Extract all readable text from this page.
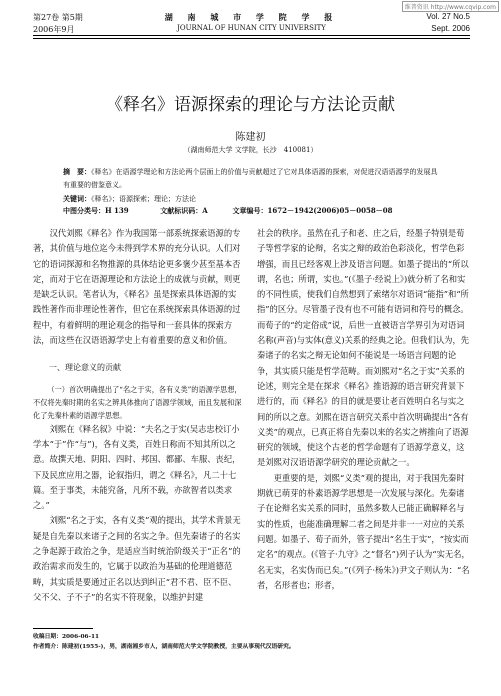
维普资讯 http://www.cqvip.com
第27卷 第5期
2006年9月
湖 南 城 市 学 院 学 报
JOURNAL OF HUNAN CITY UNIVERSITY
Vol. 27 No.5
Sept. 2006
《释名》语源探索的理论与方法论贡献
陈建初
（湖南师范大学 文学院，长沙　410081）

摘　要：《释名》在语源学理论和方法论两个层面上的价值与贡献超过了它对具体语源的探索，对促进汉语语源学的发展具有重要的借鉴意义。

关键词：《释名》；语源探索；理论；方法论

中图分类号：H 139	文献标识码：A	文章编号：1672－1942(2006)05－0058－08

汉代刘熙《释名》作为我国第一部系统探索语源的专著，其价值与地位迄今未得到学术界的充分认识。人们对它的语词探源和名物推源的具体结论更多褒少甚至基本否定，而对于它在语源理论和方法论上的成就与贡献，则更是缺乏认识。笔者认为，《释名》虽是探索具体语源的实践性著作而非理论性著作，但它在系统探索具体语源的过程中，有着鲜明的理论观念的指导和一套具体的探索方法，而这些在汉语语源学史上有着重要的意义和价值。

一、理论意义的贡献

（一）首次明确提出了“名之于实，各有义类”的语源学思想，不仅将先秦时期的名实之辨具体推向了语源学领域，而且发展和深化了先秦朴素的语源学思想。

刘熙在《释名叙》中说：“夫名之于实(吴志忠校订小学本“于”作“与”)，各有义类，百姓日称而不知其所以之意。故撰天地、阴阳、四时、邦国、都鄙、车服、丧纪，下及民庶应用之器，论叙指归，谓之《释名》，凡二十七篇。至于事类，未能究备，凡所不载，亦欲智者以类求之。”

刘熙“名之于实，各有义类”观的提出，其学术背景无疑是自先秦以来诸子之间的名实之争。但先秦诸子的名实之争起源于政治之争，是适应当时统治阶级关于“正名”的政治需求而发生的，它属于以政治为基础的伦理道德范畴，其实质是要通过正名以达到纠正“君不君、臣不臣、父不父、子不子”的名实不符现象，以维护封建

社会的秩序。虽然在孔子和老、庄之后，经墨子特别是荀子等哲学家的论辩，名实之辩的政治色彩淡化，哲学色彩增强，而且已经客观上涉及语言问题。如墨子提出的“所以谓，名也；所谓，实也。”(《墨子·经说上》)就分析了名和实的不同性质，使我们自然想到了索绪尔对语词“能指”和“所指”的区分。尽管墨子没有也不可能有语词和符号的概念。而荀子的“约定俗成”说，后世一直被语言学界引为对语词名称(声音)与实体(意义)关系的经典之论。但我们认为，先秦诸子的名实之辩无论如何不能说是一场语言问题的论争，其实质只能是哲学范畴。而刘熙对“名之于实”关系的论述，则完全是在探求《释名》推语源的语言研究背景下进行的，而《释名》的目的就是要让老百姓明白名与实之间的所以之意。刘熙在语言研究关系中首次明确提出“各有义类”的观点，已真正将自先秦以来的名实之辨推向了语源研究的领域，使这个古老的哲学命题有了语源学意义，这是刘熙对汉语语源学研究的理论贡献之一。

更重要的是，刘熙“义类”观的提出，对于我国先秦时期就已萌芽的朴素语源学思想是一次发展与深化。先秦诸子在论辩名实关系的同时，虽然多数人已能正确解释名与实的性质，也能准确理解二者之间是并非一一对应的关系问题。如墨子、荀子而外，管子提出“名生于实”，“按实而定名”的观点。(《管子·九守》之“督名”)列子认为“实无名，名无实，名实伪而已矣。”(《列子·杨朱》)尹文子则认为：“名者，名形者也；形者，

收稿日期：2006-06-11
作者简介：陈建初(1955-)，男，湖南湘乡市人，湖南师范大学文学院教授，主要从事现代汉语研究。
